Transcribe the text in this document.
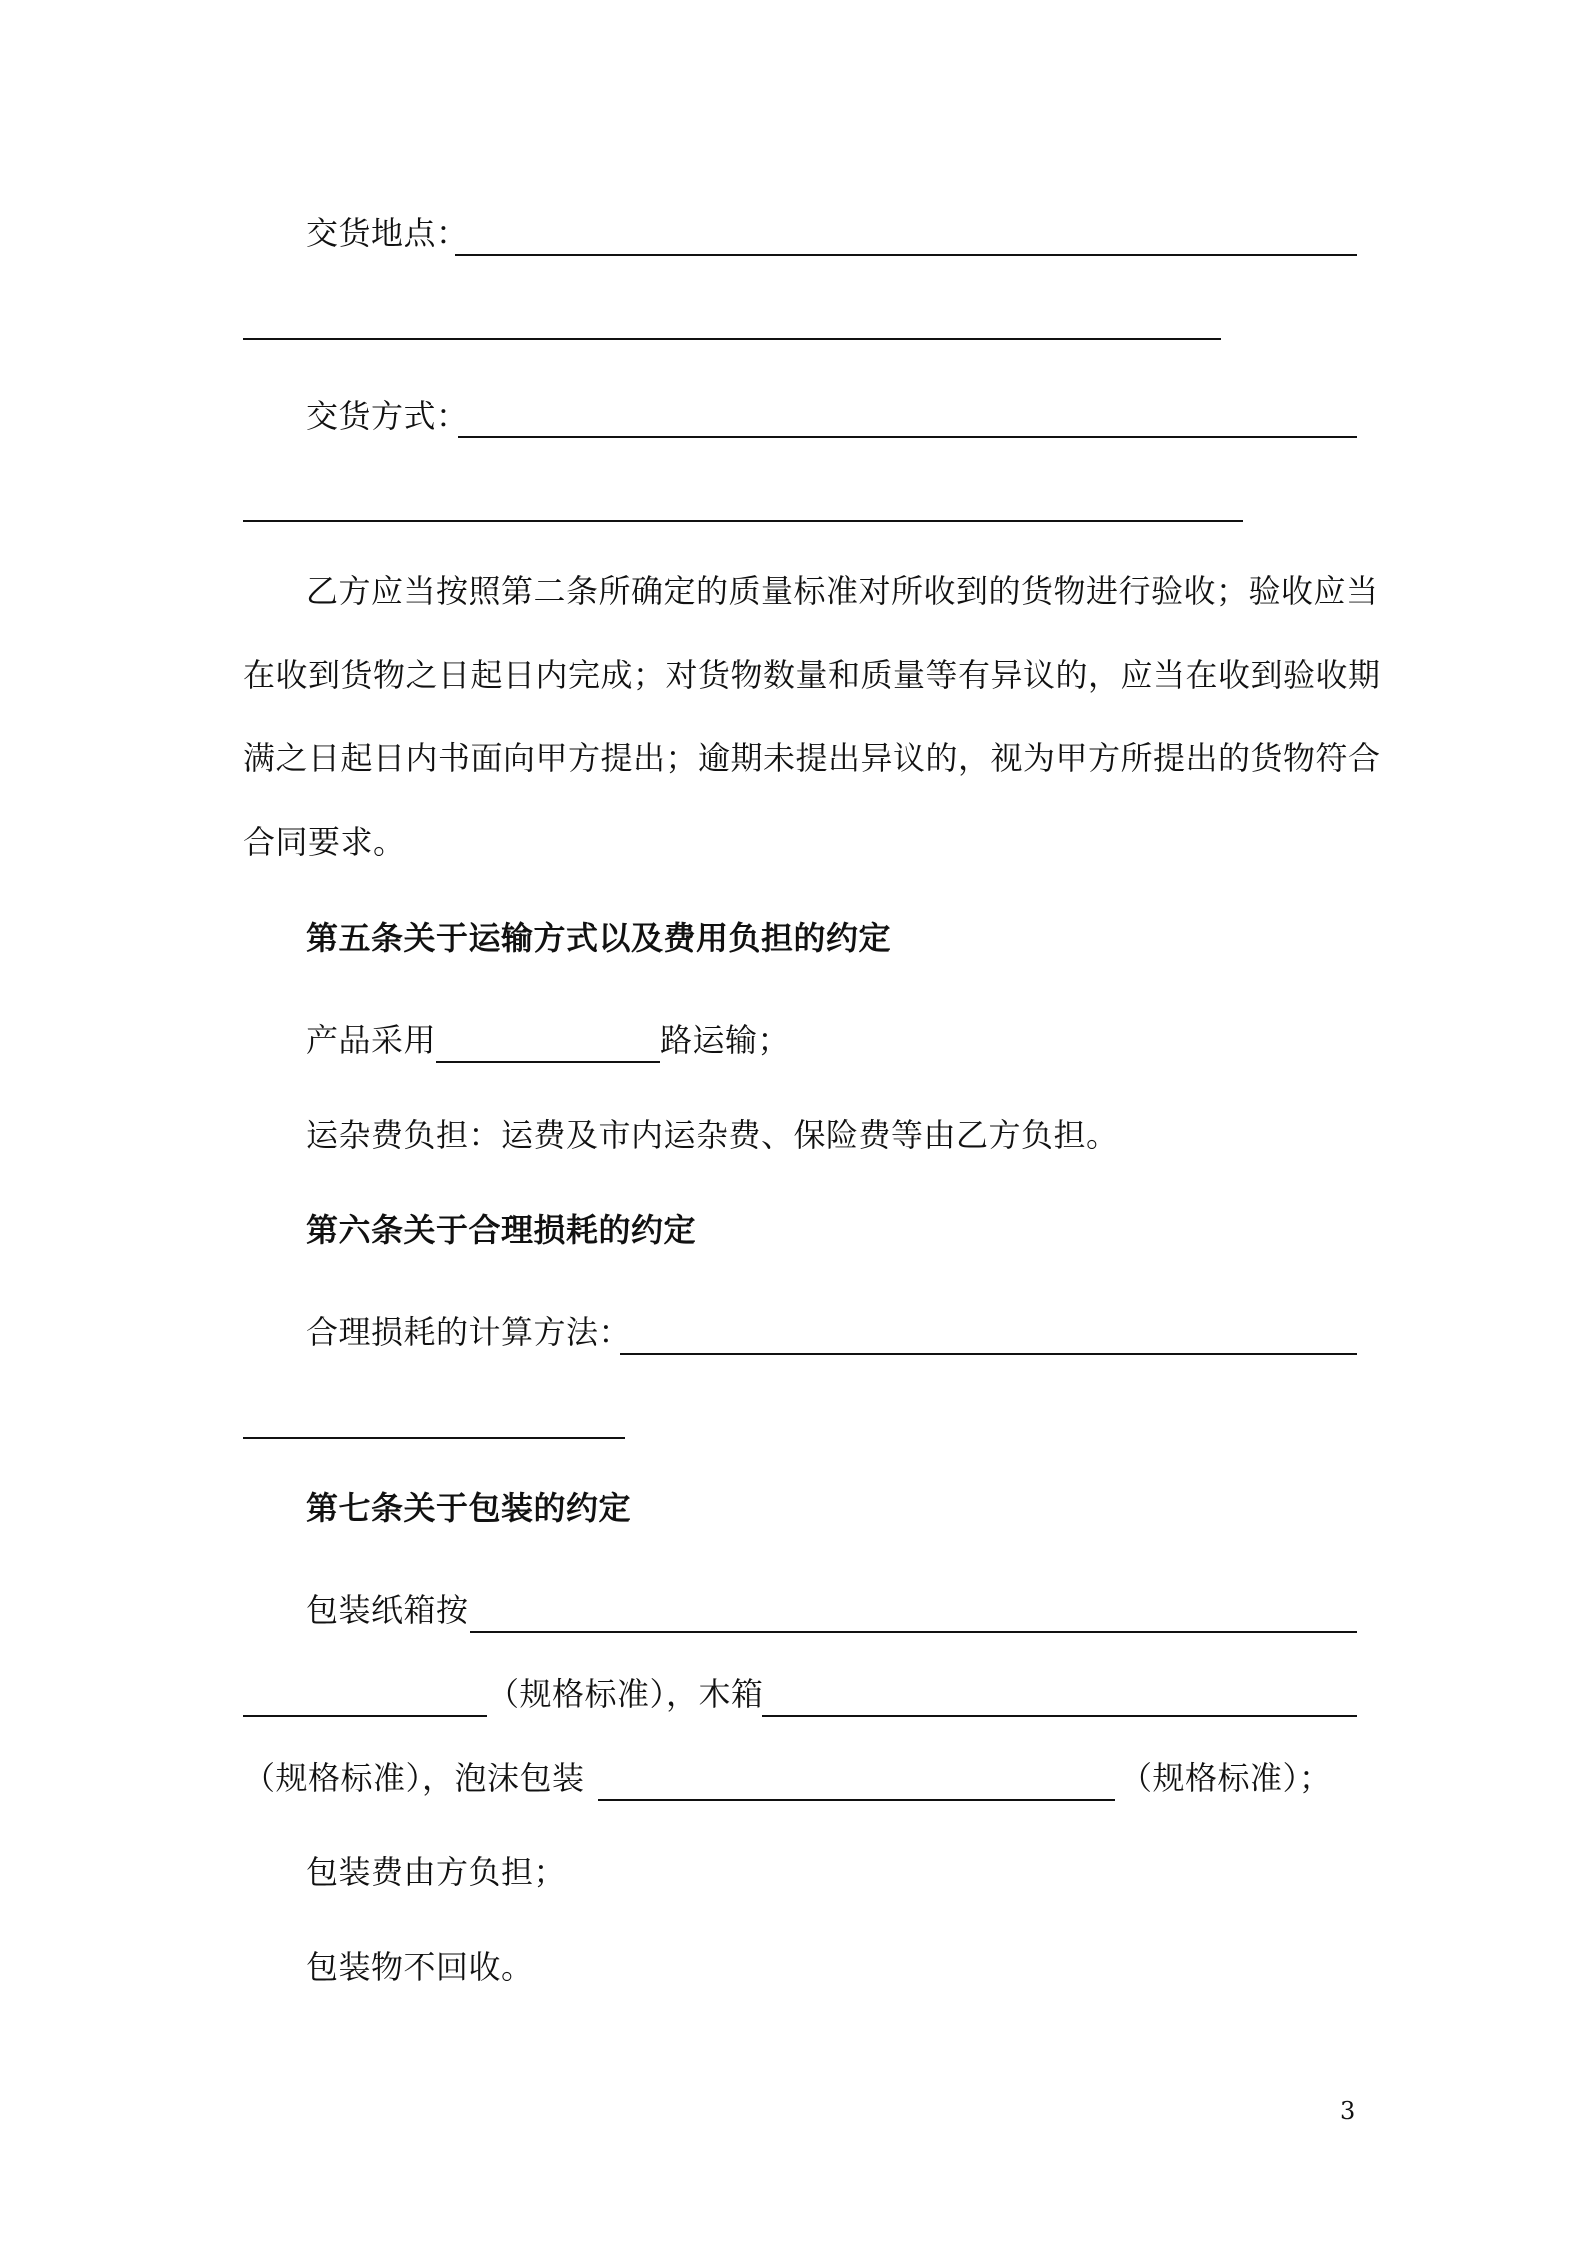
交货地点：
交货方式：
乙方应当按照第二条所确定的质量标准对所收到的货物进行验收；验收应当
在收到货物之日起日内完成；对货物数量和质量等有异议的，应当在收到验收期
满之日起日内书面向甲方提出；逾期未提出异议的，视为甲方所提出的货物符合
合同要求。
第五条关于运输方式以及费用负担的约定
产品采用	路运输；
运杂费负担：运费及市内运杂费、保险费等由乙方负担。
第六条关于合理损耗的约定
合理损耗的计算方法：
第七条关于包装的约定
包装纸箱按
（规格标准），木箱
（规格标准），泡沫包装	（规格标准）；
包装费由方负担；
包装物不回收。
3
